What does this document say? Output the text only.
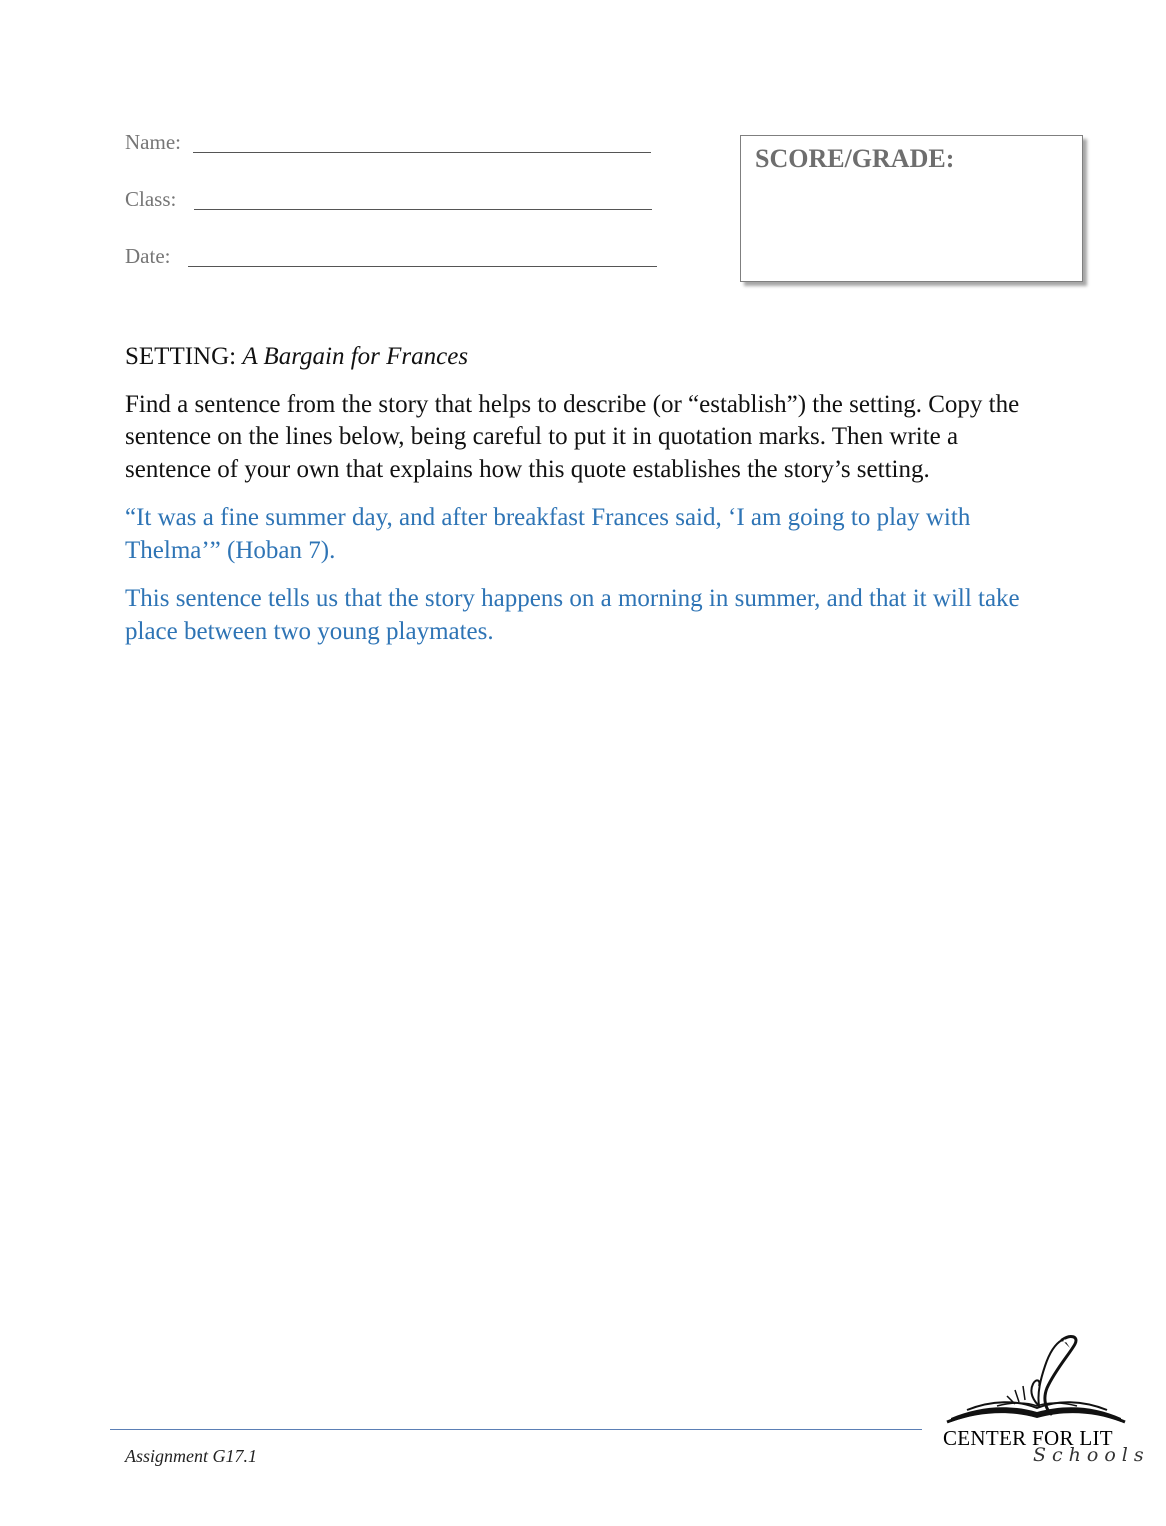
Name:
Class:
Date:
SCORE/GRADE:

SETTING: A Bargain for Frances

Find a sentence from the story that helps to describe (or “establish”) the setting. Copy the sentence on the lines below, being careful to put it in quotation marks. Then write a sentence of your own that explains how this quote establishes the story’s setting.

“It was a fine summer day, and after breakfast Frances said, ‘I am going to play with Thelma’” (Hoban 7).

This sentence tells us that the story happens on a morning in summer, and that it will take place between two young playmates.

Assignment G17.1
CENTER FOR LIT
Schools
